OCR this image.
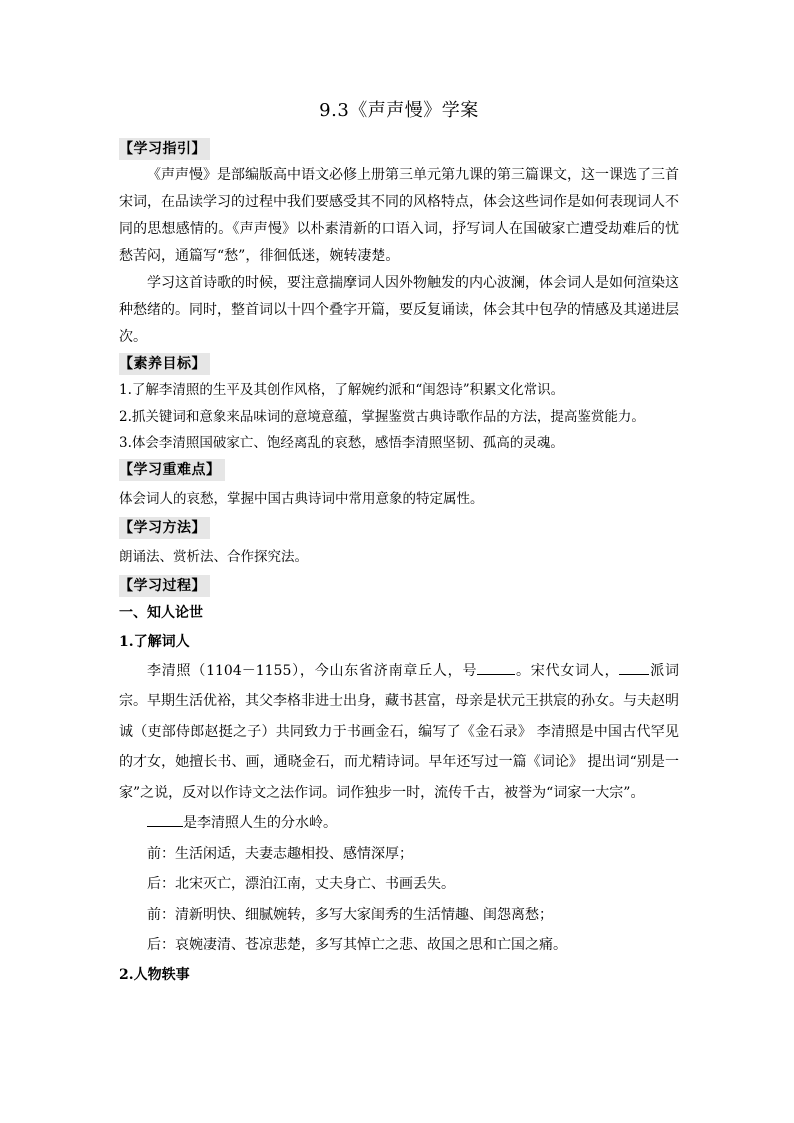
9.3《声声慢》学案
【学习指引】

《声声慢》是部编版高中语文必修上册第三单元第九课的第三篇课文，这一课选了三首宋词，在品读学习的过程中我们要感受其不同的风格特点，体会这些词作是如何表现词人不同的思想感情的。《声声慢》以朴素清新的口语入词，抒写词人在国破家亡遭受劫难后的忧愁苦闷，通篇写“愁”，徘徊低迷，婉转凄楚。

学习这首诗歌的时候，要注意揣摩词人因外物触发的内心波澜，体会词人是如何渲染这种愁绪的。同时，整首词以十四个叠字开篇，要反复诵读，体会其中包孕的情感及其递进层次。

【素养目标】

1.了解李清照的生平及其创作风格，了解婉约派和“闺怨诗”积累文化常识。

2.抓关键词和意象来品味词的意境意蕴，掌握鉴赏古典诗歌作品的方法，提高鉴赏能力。

3.体会李清照国破家亡、饱经离乱的哀愁，感悟李清照坚韧、孤高的灵魂。

【学习重难点】

体会词人的哀愁，掌握中国古典诗词中常用意象的特定属性。

【学习方法】

朗诵法、赏析法、合作探究法。

【学习过程】

一、知人论世

1.了解词人

李清照（1104－1155），今山东省济南章丘人，号	。宋代女词人， 派词宗。早期生活优裕，其父李格非进士出身，藏书甚富，母亲是状元王拱宸的孙女。与夫赵明诚（吏部侍郎赵挺之子）共同致力于书画金石，编写了《金石录》 李清照是中国古代罕见的才女，她擅长书、画，通晓金石，而尤精诗词。早年还写过一篇《词论》 提出词“别是一家”之说，反对以作诗文之法作词。词作独步一时，流传千古，被誉为“词家一大宗”。

是李清照人生的分水岭。

前：生活闲适，夫妻志趣相投、感情深厚；

后：北宋灭亡，漂泊江南，丈夫身亡、书画丢失。

前：清新明快、细腻婉转，多写大家闺秀的生活情趣、闺怨离愁；

后：哀婉凄清、苍凉悲楚，多写其悼亡之悲、故国之思和亡国之痛。

2.人物轶事
